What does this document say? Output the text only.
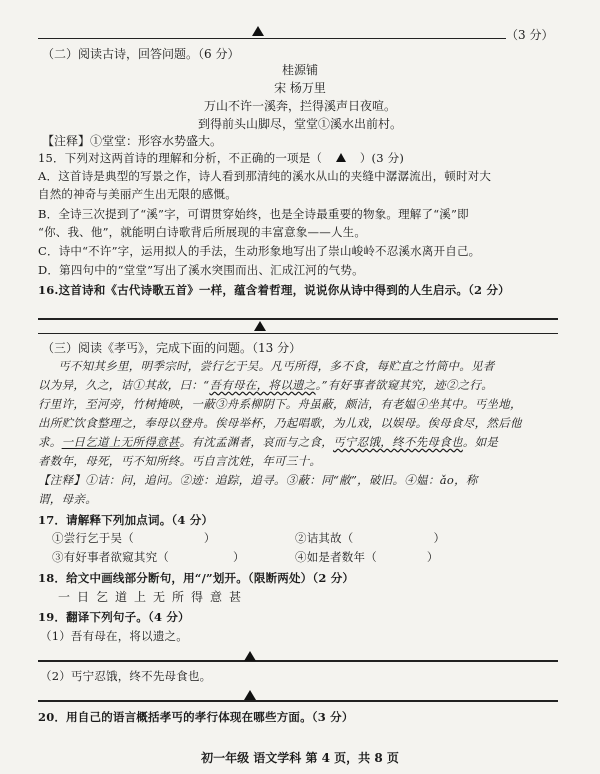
（3 分）
（二）阅读古诗，回答问题。（6 分）
桂源铺
宋 杨万里
万山不许一溪奔，拦得溪声日夜喧。
到得前头山脚尽，堂堂①溪水出前村。
【注释】①堂堂：形容水势盛大。
15．下列对这两首诗的理解和分析，不正确的一项是（	）(3 分)
A．这首诗是典型的写景之作，诗人看到那清纯的溪水从山的夹缝中潺潺流出，顿时对大
自然的神奇与美丽产生出无限的感慨。
B．全诗三次提到了“溪”字，可谓贯穿始终，也是全诗最重要的物象。理解了“溪”即
“你、我、他”，就能明白诗歌背后所展现的丰富意象——人生。
C．诗中“不许”字，运用拟人的手法，生动形象地写出了崇山峻岭不忍溪水离开自己。
D．第四句中的“堂堂”写出了溪水突围而出、汇成江河的气势。
16.这首诗和《古代诗歌五首》一样，蕴含着哲理，说说你从诗中得到的人生启示。（2 分）
（三）阅读《孝丐》，完成下面的问题。（13 分）
丐不知其乡里，明季宗时，尝行乞于吴。凡丐所得，多不食，每贮直之竹筒中。见者
以为异，久之，诘①其故，曰：“吾有母在，将以遗之。”有好事者欲窥其究，迹②之行。
行里许，至河旁，竹树掩映，一蔽③舟系柳阴下。舟虽蔽，颇洁，有老媪④坐其中。丐坐地，
出所贮饮食整理之，奉母以登舟。俟母举杯，乃起唱歌，为儿戏，以娱母。俟母食尽，然后他
求。一日乞道上无所得意甚。有沈孟渊者，哀而与之食，丐宁忍饿，终不先母食也。如是
者数年，母死，丐不知所终。丐自言沈姓，年可三十。
【注释】①诘：问，追问。②迹：追踪，追寻。③蔽：同“敝”，破旧。④媪：ǎo，称
谓，母亲。
17．请解释下列加点词。（4 分）
①尝行乞于吴（	）	②诘其故（	）
③有好事者欲窥其究（	）	④如是者数年（	）
18．给文中画线部分断句，用“/”划开。（限断两处）（2 分）
一日乞道上无所得意甚
19．翻译下列句子。（4 分）
（1）吾有母在，将以遗之。
（2）丐宁忍饿，终不先母食也。
20．用自己的语言概括孝丐的孝行体现在哪些方面。（3 分）
初一年级 语文学科 第 4 页，共 8 页
